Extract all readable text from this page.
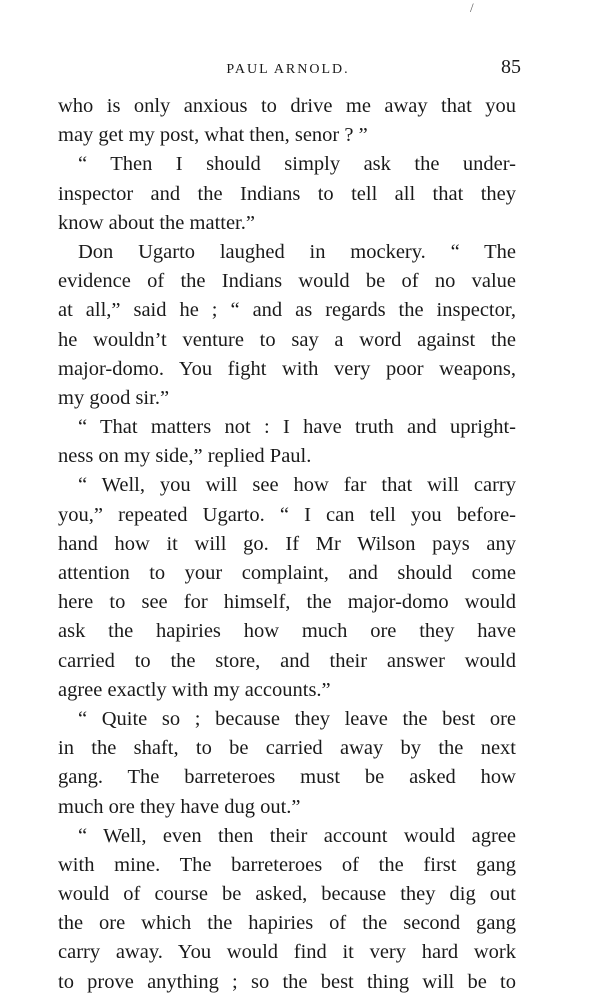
/
PAUL ARNOLD.	85
who is only anxious to drive me away that you
may get my post, what then, senor ? ”
“ Then I should simply ask the under-
inspector and the Indians to tell all that they
know about the matter.”
Don Ugarto laughed in mockery. “ The
evidence of the Indians would be of no value
at all,” said he ; “ and as regards the inspector,
he wouldn’t venture to say a word against the
major-domo. You fight with very poor weapons,
my good sir.”
“ That matters not : I have truth and upright-
ness on my side,” replied Paul.
“ Well, you will see how far that will carry
you,” repeated Ugarto. “ I can tell you before-
hand how it will go. If Mr Wilson pays any
attention to your complaint, and should come
here to see for himself, the major-domo would
ask the hapiries how much ore they have
carried to the store, and their answer would
agree exactly with my accounts.”
“ Quite so ; because they leave the best ore
in the shaft, to be carried away by the next
gang. The barreteroes must be asked how
much ore they have dug out.”
“ Well, even then their account would agree
with mine. The barreteroes of the first gang
would of course be asked, because they dig out
the ore which the hapiries of the second gang
carry away. You would find it very hard work
to prove anything ; so the best thing will be to
